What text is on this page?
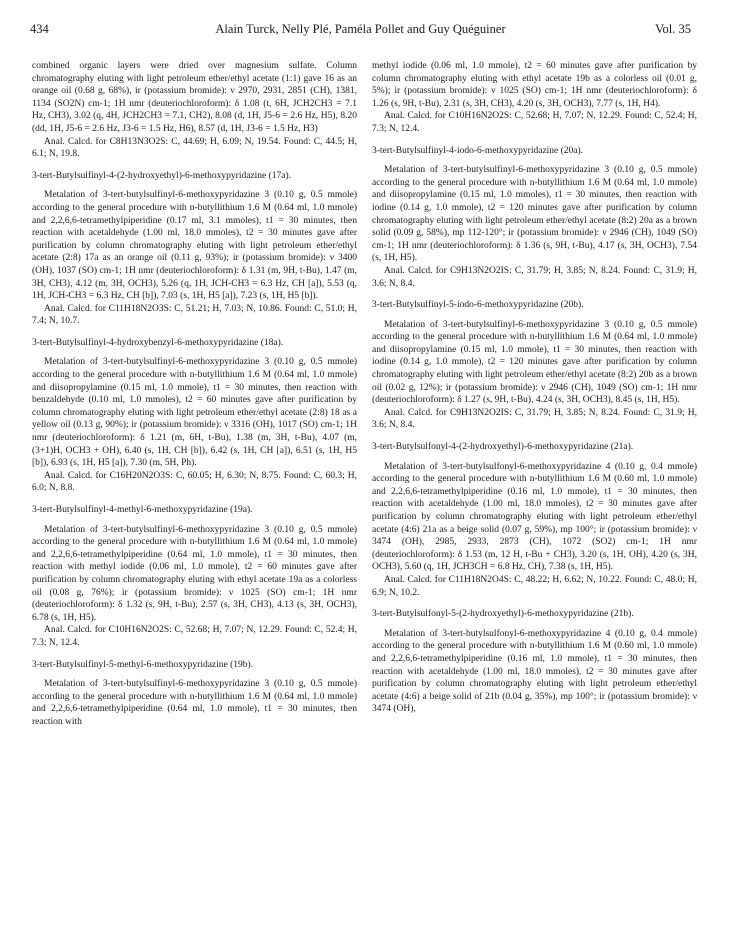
434	Alain Turck, Nelly Plé, Paméla Pollet and Guy Quéguiner	Vol. 35

combined organic layers were dried over magnesium sulfate. Column chromatography eluting with light petroleum ether/ethyl acetate (1:1) gave 16 as an orange oil (0.68 g, 68%), ir (potassium bromide): ν 2970, 2931, 2851 (CH), 1381, 1134 (SO2N) cm-1; 1H nmr (deuteriochloroform): δ 1.08 (t, 6H, JCH2CH3 = 7.1 Hz, CH3), 3.02 (q, 4H, JCH2CH3 = 7.1, CH2), 8.08 (d, 1H, J5-6 = 2.6 Hz, H5), 8.20 (dd, 1H, J5-6 = 2.6 Hz, J3-6 = 1.5 Hz, H6), 8.57 (d, 1H, J3-6 = 1.5 Hz, H3)

Anal. Calcd. for C8H13N3O2S: C, 44.69; H, 6.09; N, 19.54. Found: C, 44.5; H, 6.1; N, 19.8.

3-tert-Butylsulfinyl-4-(2-hydroxyethyl)-6-methoxypyridazine (17a).

Metalation of 3-tert-butylsulfinyl-6-methoxypyridazine 3 (0.10 g, 0.5 mmole) according to the general procedure with n-butyllithium 1.6 M (0.64 ml, 1.0 mmole) and 2,2,6,6-tetramethylpiperidine (0.17 ml, 3.1 mmoles), t1 = 30 minutes, then reaction with acetaldehyde (1.00 ml, 18.0 mmoles), t2 = 30 minutes gave after purification by column chromatography eluting with light petroleum ether/ethyl acetate (2:8) 17a as an orange oil (0.11 g, 93%); ir (potassium bromide): ν 3400 (OH), 1037 (SO) cm-1; 1H nmr (deuteriochloroform): δ 1.31 (m, 9H, t-Bu), 1.47 (m, 3H, CH3), 4.12 (m, 3H, OCH3), 5.26 (q, 1H, JCH-CH3 = 6.3 Hz, CH [a]), 5.53 (q, 1H, JCH-CH3 = 6.3 Hz, CH [b]), 7.03 (s, 1H, H5 [a]), 7.23 (s, 1H, H5 [b]).

Anal. Calcd. for C11H18N2O3S: C, 51.21; H, 7.03; N, 10.86. Found: C, 51.0; H, 7.4; N, 10.7.

3-tert-Butylsulfinyl-4-hydroxybenzyl-6-methoxypyridazine (18a).

Metalation of 3-tert-butylsulfinyl-6-methoxypyridazine 3 (0.10 g, 0.5 mmole) according to the general procedure with n-butyllithium 1.6 M (0.64 ml, 1.0 mmole) and diisopropylamine (0.15 ml, 1.0 mmole), t1 = 30 minutes, then reaction with benzaldehyde (0.10 ml, 1.0 mmoles), t2 = 60 minutes gave after purification by column chromatography eluting with light petroleum ether/ethyl acetate (2:8) 18 as a yellow oil (0.13 g, 90%); ir (potassium bromide): ν 3316 (OH), 1017 (SO) cm-1; 1H nmr (deuteriochloroform): δ 1.21 (m, 6H, t-Bu), 1.38 (m, 3H, t-Bu), 4.07 (m, (3+1)H, OCH3 + OH), 6.40 (s, 1H, CH [b]), 6.42 (s, 1H, CH [a]), 6.51 (s, 1H, H5 [b]), 6.93 (s, 1H, H5 [a]), 7.30 (m, 5H, Ph).

Anal. Calcd. for C16H20N2O3S: C, 60.05; H, 6.30; N, 8.75. Found: C, 60.3; H, 6.0; N, 8.8.

3-tert-Butylsulfinyl-4-methyl-6-methoxypyridazine (19a).

Metalation of 3-tert-butylsulfinyl-6-methoxypyridazine 3 (0.10 g, 0.5 mmole) according to the general procedure with n-butyllithium 1.6 M (0.64 ml, 1.0 mmole) and 2,2,6,6-tetramethylpiperidine (0.64 ml, 1.0 mmole), t1 = 30 minutes, then reaction with methyl iodide (0.06 ml, 1.0 mmole), t2 = 60 minutes gave after purification by column chromatography eluting with ethyl acetate 19a as a colorless oil (0.08 g, 76%); ir (potassium bromide): ν 1025 (SO) cm-1; 1H nmr (deuteriochloroform): δ 1.32 (s, 9H, t-Bu), 2.57 (s, 3H, CH3), 4.13 (s, 3H, OCH3), 6.78 (s, 1H, H5).

Anal. Calcd. for C10H16N2O2S: C, 52.68; H, 7.07; N, 12.29. Found: C, 52.4; H, 7.3; N, 12.4.

3-tert-Butylsulfinyl-5-methyl-6-methoxypyridazine (19b).

Metalation of 3-tert-butylsulfinyl-6-methoxypyridazine 3 (0.10 g, 0.5 mmole) according to the general procedure with n-butyllithium 1.6 M (0.64 ml, 1.0 mmole) and 2,2,6,6-tetramethylpiperidine (0.64 ml, 1.0 mmole), t1 = 30 minutes, then reaction with

methyl iodide (0.06 ml, 1.0 mmole), t2 = 60 minutes gave after purification by column chromatography eluting with ethyl acetate 19b as a colorless oil (0.01 g, 5%); ir (potassium bromide): ν 1025 (SO) cm-1; 1H nmr (deuteriochloroform): δ 1.26 (s, 9H, t-Bu), 2.31 (s, 3H, CH3), 4.20 (s, 3H, OCH3), 7.77 (s, 1H, H4).

Anal. Calcd. for C10H16N2O2S: C, 52.68; H, 7.07; N, 12.29. Found: C, 52.4; H, 7.3; N, 12.4.

3-tert-Butylsulfinyl-4-iodo-6-methoxypyridazine (20a).

Metalation of 3-tert-butylsulfinyl-6-methoxypyridazine 3 (0.10 g, 0.5 mmole) according to the general procedure with n-butyllithium 1.6 M (0.64 ml, 1.0 mmole) and diisopropylamine (0.15 ml, 1.0 mmoles), t1 = 30 minutes, then reaction with iodine (0.14 g, 1.0 mmole), t2 = 120 minutes gave after purification by column chromatography eluting with light petroleum ether/ethyl acetate (8:2) 20a as a brown solid (0.09 g, 58%), mp 112-120°; ir (potassium bromide): ν 2946 (CH), 1049 (SO) cm-1; 1H nmr (deuteriochloroform): δ 1.36 (s, 9H, t-Bu), 4.17 (s, 3H, OCH3), 7.54 (s, 1H, H5).

Anal. Calcd. for C9H13N2O2IS: C, 31.79; H, 3.85; N, 8.24. Found: C, 31.9; H, 3.6; N, 8.4.

3-tert-Butylsulfinyl-5-iodo-6-methoxypyridazine (20b).

Metalation of 3-tert-butylsulfinyl-6-methoxypyridazine 3 (0.10 g, 0.5 mmole) according to the general procedure with n-butyllithium 1.6 M (0.64 ml, 1.0 mmole) and diisopropylamine (0.15 ml, 1.0 mmole), t1 = 30 minutes, then reaction with iodine (0.14 g, 1.0 mmole), t2 = 120 minutes gave after purification by column chromatography eluting with light petroleum ether/ethyl acetate (8:2) 20b as a brown oil (0.02 g, 12%); ir (potassium bromide): ν 2946 (CH), 1049 (SO) cm-1; 1H nmr (deuteriochloroform): δ 1.27 (s, 9H, t-Bu), 4.24 (s, 3H, OCH3), 8.45 (s, 1H, H5).

Anal. Calcd. for C9H13N2O2IS: C, 31.79; H, 3.85; N, 8.24. Found: C, 31.9; H, 3.6; N, 8.4.

3-tert-Butylsulfonyl-4-(2-hydroxyethyl)-6-methoxypyridazine (21a).

Metalation of 3-tert-butylsulfonyl-6-methoxypyridazine 4 (0.10 g, 0.4 mmole) according to the general procedure with n-butyllithium 1.6 M (0.60 ml, 1.0 mmole) and 2,2,6,6-tetramethylpiperidine (0.16 ml, 1.0 mmole), t1 = 30 minutes, then reaction with acetaldehyde (1.00 ml, 18.0 mmoles), t2 = 30 minutes gave after purification by column chromatography eluting with light petroleum ether/ethyl acetate (4:6) 21a as a beige solid (0.07 g, 59%), mp 100°; ir (potassium bromide): ν 3474 (OH), 2985, 2933, 2873 (CH), 1072 (SO2) cm-1; 1H nmr (deuteriochloroform): δ 1.53 (m, 12 H, t-Bu + CH3), 3.20 (s, 1H, OH), 4.20 (s, 3H, OCH3), 5.60 (q, 1H, JCH3CH = 6.8 Hz, CH), 7.38 (s, 1H, H5).

Anal. Calcd. for C11H18N2O4S: C, 48.22; H, 6.62; N, 10.22. Found: C, 48.0; H, 6.9; N, 10.2.

3-tert-Butylsulfonyl-5-(2-hydroxyethyl)-6-methoxypyridazine (21b).

Metalation of 3-tert-butylsulfonyl-6-methoxypyridazine 4 (0.10 g, 0.4 mmole) according to the general procedure with n-butyllithium 1.6 M (0.60 ml, 1.0 mmole) and 2,2,6,6-tetramethylpiperidine (0.16 ml, 1.0 mmole), t1 = 30 minutes, then reaction with acetaldehyde (1.00 ml, 18.0 mmoles), t2 = 30 minutes gave after purification by column chromatography eluting with light petroleum ether/ethyl acetate (4:6) a beige solid of 21b (0.04 g, 35%), mp 100°; ir (potassium bromide): ν 3474 (OH),
